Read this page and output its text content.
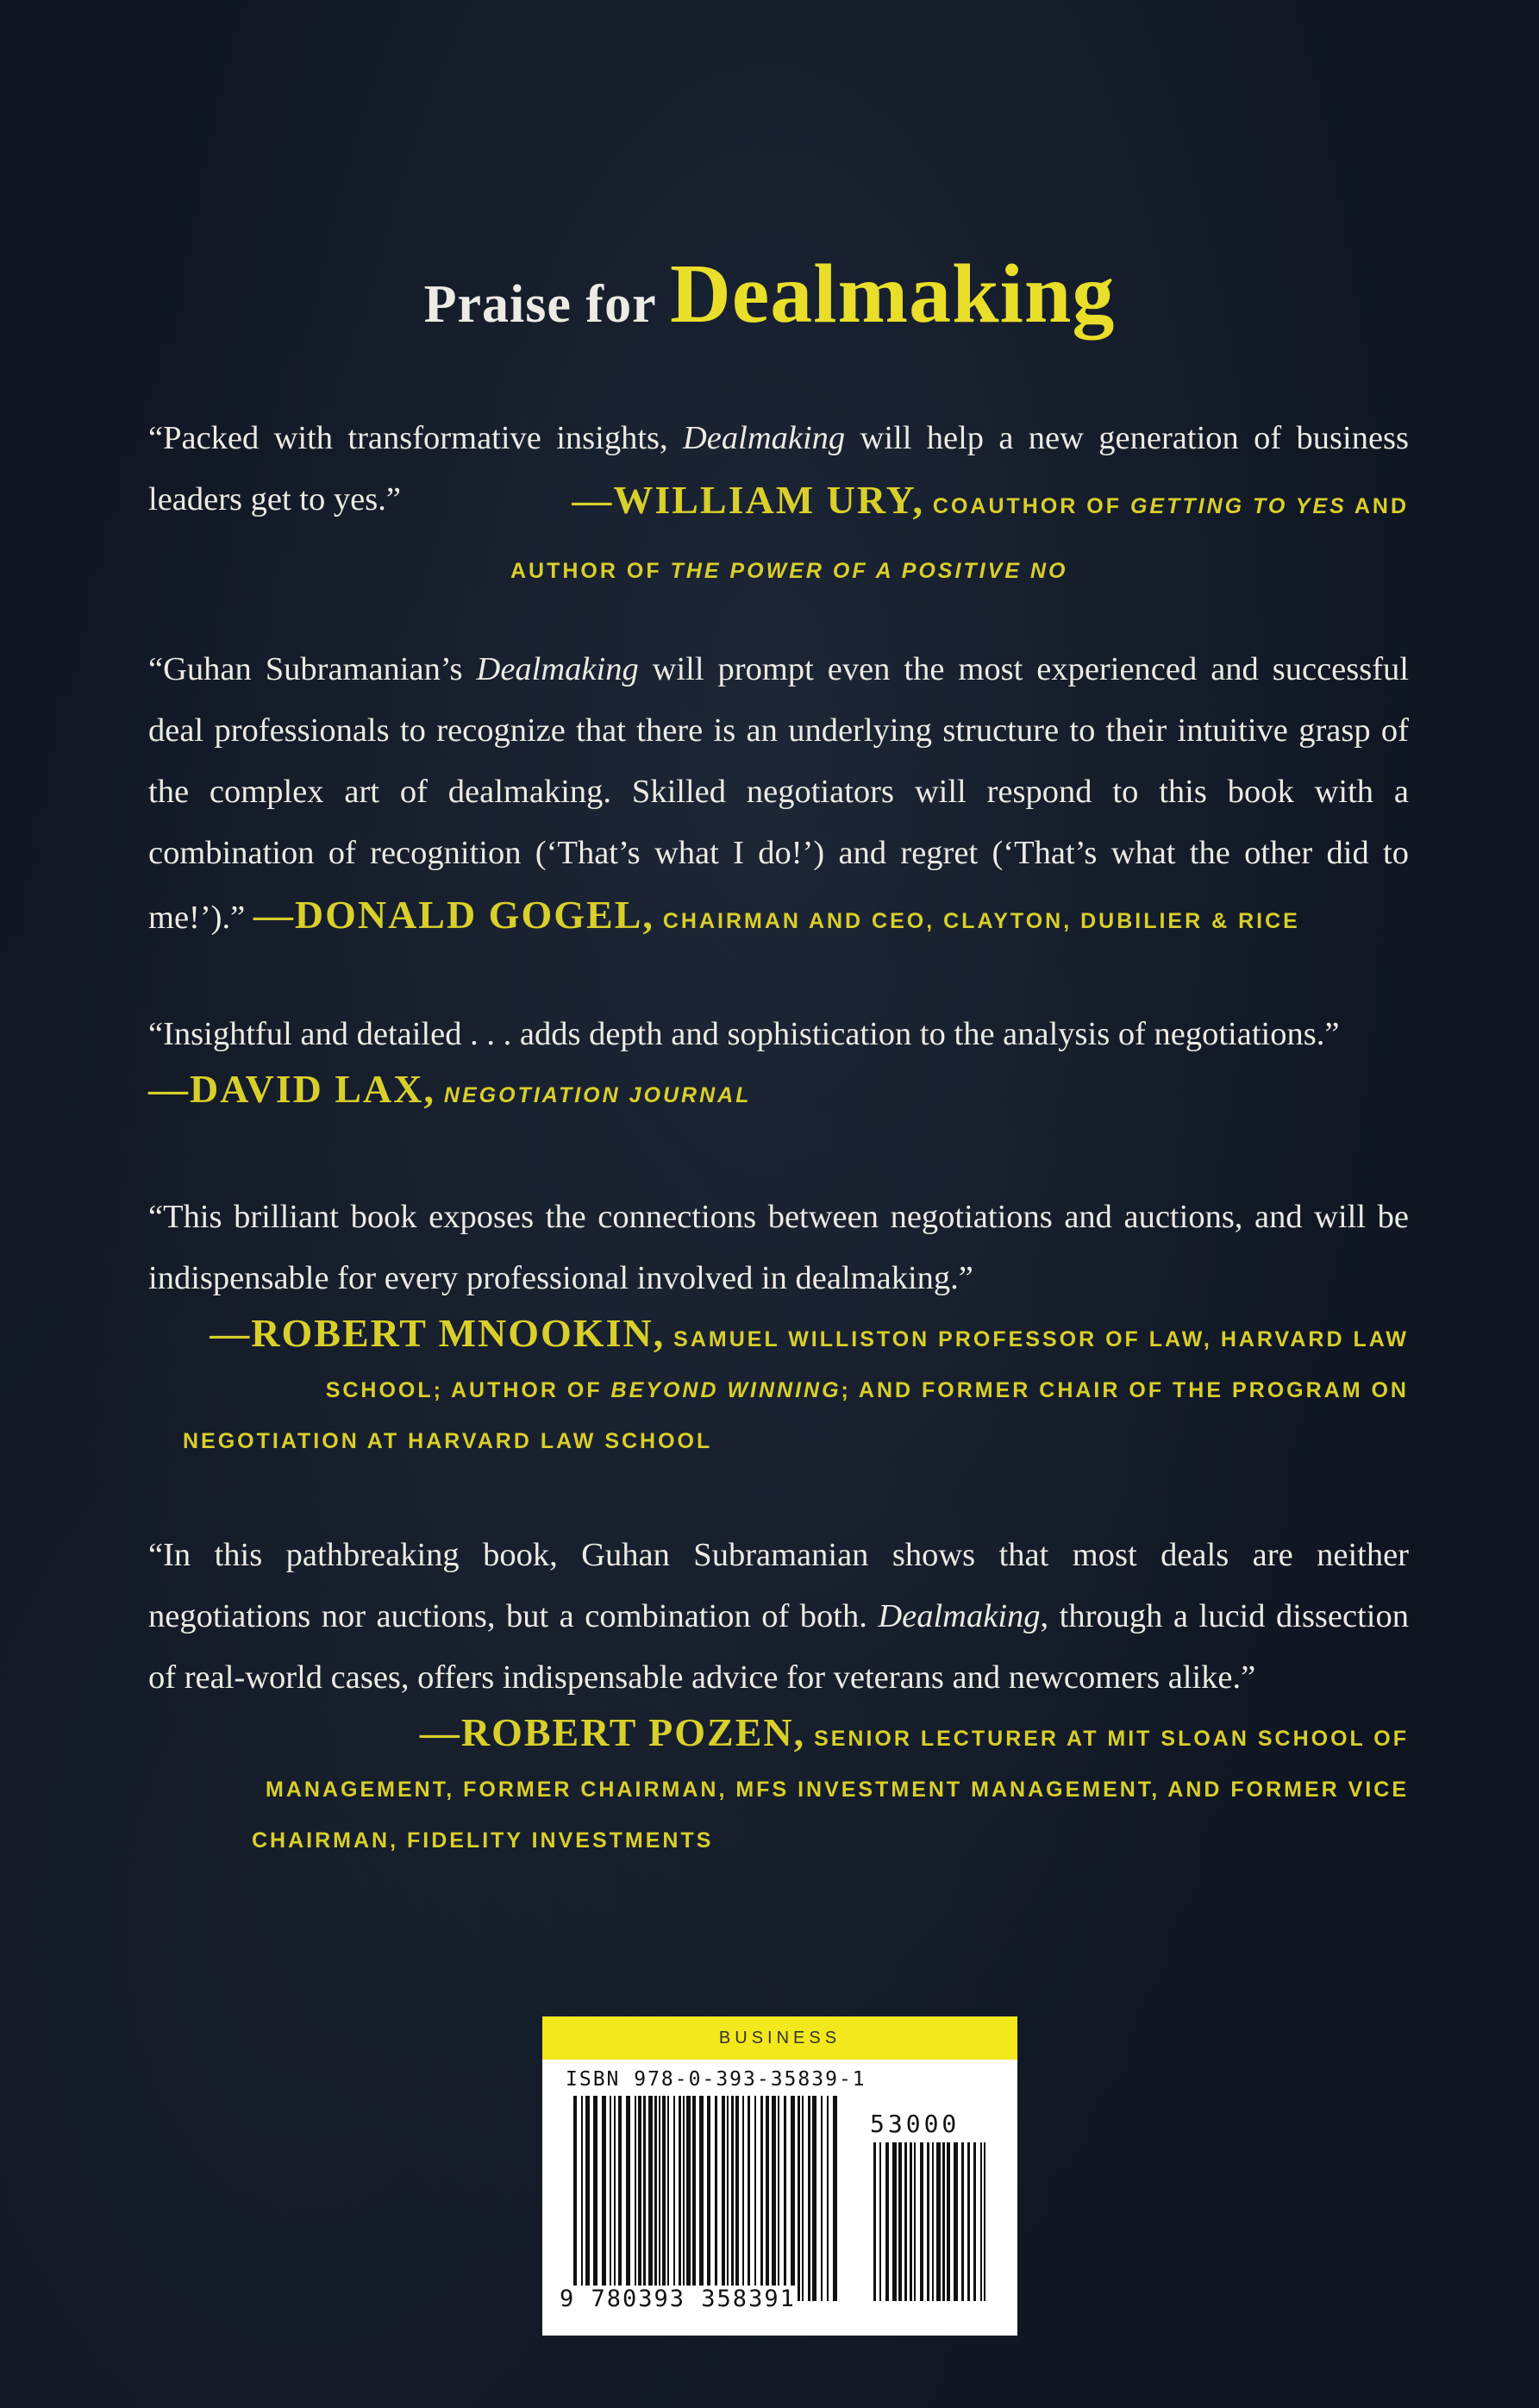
Praise for Dealmaking
“Packed with transformative insights, Dealmaking will help a new generation of business leaders get to yes.”	—WILLIAM URY, COAUTHOR OF GETTING TO YES AND AUTHOR OF THE POWER OF A POSITIVE NO
“Guhan Subramanian’s Dealmaking will prompt even the most experienced and successful deal professionals to recognize that there is an underlying structure to their intuitive grasp of the complex art of dealmaking. Skilled negotiators will respond to this book with a combination of recognition (‘That’s what I do!’) and regret (‘That’s what the other did to me!’).” —DONALD GOGEL, CHAIRMAN AND CEO, CLAYTON, DUBILIER & RICE
“Insightful and detailed . . . adds depth and sophistication to the analysis of negotiations.”
—DAVID LAX, NEGOTIATION JOURNAL
“This brilliant book exposes the connections between negotiations and auctions, and will be indispensable for every professional involved in dealmaking.”
—ROBERT MNOOKIN, SAMUEL WILLISTON PROFESSOR OF LAW, HARVARD LAW SCHOOL; AUTHOR OF BEYOND WINNING; AND FORMER CHAIR OF THE PROGRAM ON NEGOTIATION AT HARVARD LAW SCHOOL
“In this pathbreaking book, Guhan Subramanian shows that most deals are neither negotiations nor auctions, but a combination of both. Dealmaking, through a lucid dissection of real-world cases, offers indispensable advice for veterans and newcomers alike.”
—ROBERT POZEN, SENIOR LECTURER AT MIT SLOAN SCHOOL OF MANAGEMENT, FORMER CHAIRMAN, MFS INVESTMENT MANAGEMENT, AND FORMER VICE CHAIRMAN, FIDELITY INVESTMENTS
BUSINESS
ISBN 978-0-393-35839-1
53000
9 780393 358391
